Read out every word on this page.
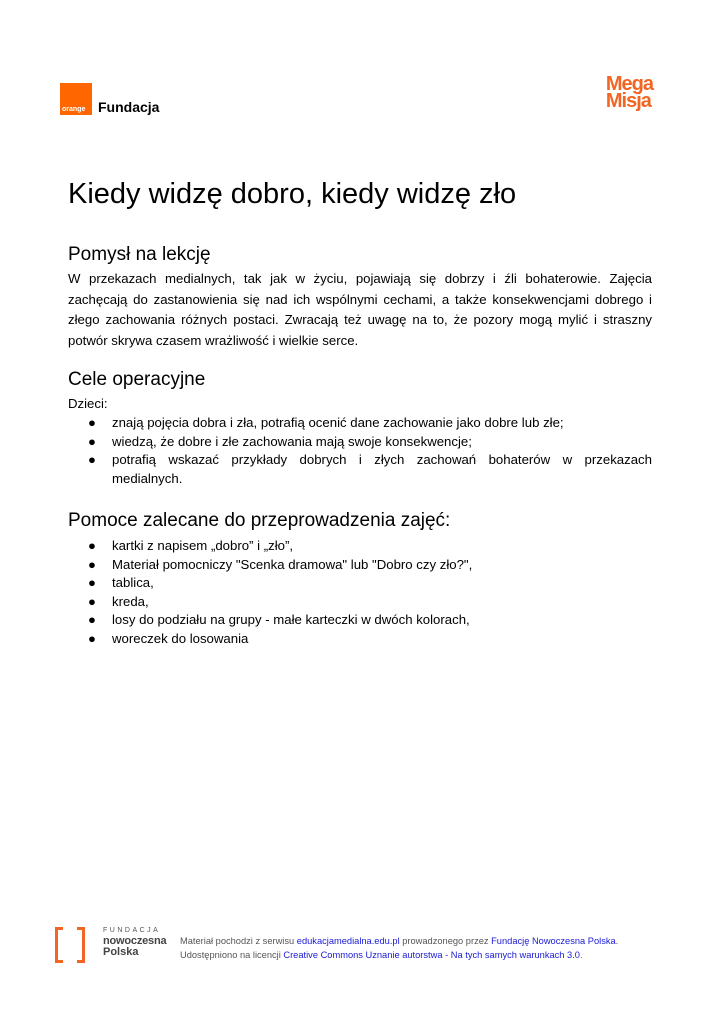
orange Fundacja
Mega
Misja
Kiedy widzę dobro, kiedy widzę zło
Pomysł na lekcję
W przekazach medialnych, tak jak w życiu, pojawiają się dobrzy i źli bohaterowie. Zajęcia
zachęcają do zastanowienia się nad ich wspólnymi cechami, a także konsekwencjami dobrego i
złego zachowania różnych postaci. Zwracają też uwagę na to, że pozory mogą mylić i straszny
potwór skrywa czasem wrażliwość i wielkie serce.
Cele operacyjne
Dzieci:
● znają pojęcia dobra i zła, potrafią ocenić dane zachowanie jako dobre lub złe;
● wiedzą, że dobre i złe zachowania mają swoje konsekwencje;
● potrafią wskazać przykłady dobrych i złych zachowań bohaterów w przekazach
medialnych.
Pomoce zalecane do przeprowadzenia zajęć:
● kartki z napisem „dobro” i „zło”,
● Materiał pomocniczy "Scenka dramowa" lub "Dobro czy zło?",
● tablica,
● kreda,
● losy do podziału na grupy - małe karteczki w dwóch kolorach,
● woreczek do losowania
FUNDACJA
nowoczesna
Polska
Materiał pochodzi z serwisu edukacjamedialna.edu.pl prowadzonego przez Fundację Nowoczesna Polska.
Udostępniono na licencji Creative Commons Uznanie autorstwa - Na tych samych warunkach 3.0.
